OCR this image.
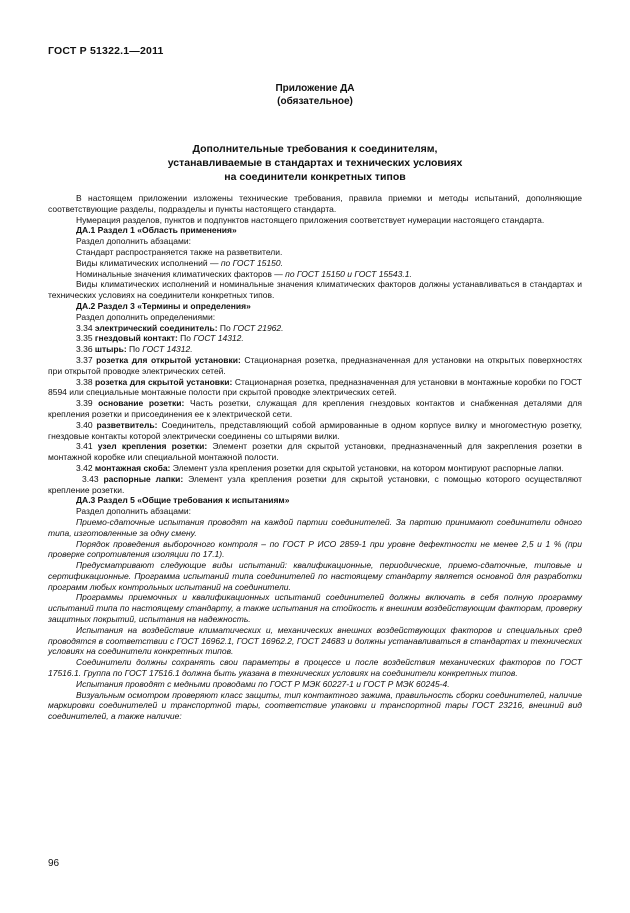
ГОСТ Р 51322.1—2011
Приложение ДА
(обязательное)
Дополнительные требования к соединителям,
устанавливаемые в стандартах и технических условиях
на соединители конкретных типов

В настоящем приложении изложены технические требования, правила приемки и методы испытаний, дополняющие соответствующие разделы, подразделы и пункты настоящего стандарта.

Нумерация разделов, пунктов и подпунктов настоящего приложения соответствует нумерации настоящего стандарта.

ДА.1 Раздел 1 «Область применения»

Раздел дополнить абзацами:

Стандарт распространяется также на разветвители.

Виды климатических исполнений — по ГОСТ 15150.

Номинальные значения климатических факторов — по ГОСТ 15150 и ГОСТ 15543.1.

Виды климатических исполнений и номинальные значения климатических факторов должны устанавливаться в стандартах и технических условиях на соединители конкретных типов.

ДА.2 Раздел 3 «Термины и определения»

Раздел дополнить определениями:

3.34 электрический соединитель: По ГОСТ 21962.

3.35 гнездовый контакт: По ГОСТ 14312.

3.36 штырь: По ГОСТ 14312.

3.37 розетка для открытой установки: Стационарная розетка, предназначенная для установки на открытых поверхностях при открытой проводке электрических сетей.

3.38 розетка для скрытой установки: Стационарная розетка, предназначенная для установки в монтажные коробки по ГОСТ 8594 или специальные монтажные полости при скрытой проводке электрических сетей.

3.39 основание розетки: Часть розетки, служащая для крепления гнездовых контактов и снабженная деталями для крепления розетки и присоединения ее к электрической сети.

3.40 разветвитель: Соединитель, представляющий собой армированные в одном корпусе вилку и многоместную розетку, гнездовые контакты которой электрически соединены со штырями вилки.

3.41 узел крепления розетки: Элемент розетки для скрытой установки, предназначенный для закрепления розетки в монтажной коробке или специальной монтажной полости.

3.42 монтажная скоба: Элемент узла крепления розетки для скрытой установки, на котором монтируют распорные лапки.

3.43 распорные лапки: Элемент узла крепления розетки для скрытой установки, с помощью которого осуществляют крепление розетки.

ДА.3 Раздел 5 «Общие требования к испытаниям»

Раздел дополнить абзацами:

Приемо-сдаточные испытания проводят на каждой партии соединителей. За партию принимают соединители одного типа, изготовленные за одну смену.

Порядок проведения выборочного контроля – по ГОСТ Р ИСО 2859-1 при уровне дефектности не менее 2,5 и 1 % (при проверке сопротивления изоляции по 17.1).

Предусматривают следующие виды испытаний: квалификационные, периодические, приемо-сдаточные, типовые и сертификационные. Программа испытаний типа соединителей по настоящему стандарту является основной для разработки программ любых контрольных испытаний на соединители.

Программы приемочных и квалификационных испытаний соединителей должны включать в себя полную программу испытаний типа по настоящему стандарту, а также испытания на стойкость к внешним воздействующим факторам, проверку защитных покрытий, испытания на надежность.

Испытания на воздействие климатических и, механических внешних воздействующих факторов и специальных сред проводятся в соответствии с ГОСТ 16962.1, ГОСТ 16962.2, ГОСТ 24683 и должны устанавливаться в стандартах и технических условиях на соединители конкретных типов.

Соединители должны сохранять свои параметры в процессе и после воздействия механических факторов по ГОСТ 17516.1. Группа по ГОСТ 17516.1 должна быть указана в технических условиях на соединители конкретных типов.

Испытания проводят с медными проводами по ГОСТ Р МЭК 60227-1 и ГОСТ Р МЭК 60245-4.

Визуальным осмотром проверяют класс защиты, тип контактного зажима, правильность сборки соединителей, наличие маркировки соединителей и транспортной тары, соответствие упаковки и транспортной тары ГОСТ 23216, внешний вид соединителей, а также наличие:

96
